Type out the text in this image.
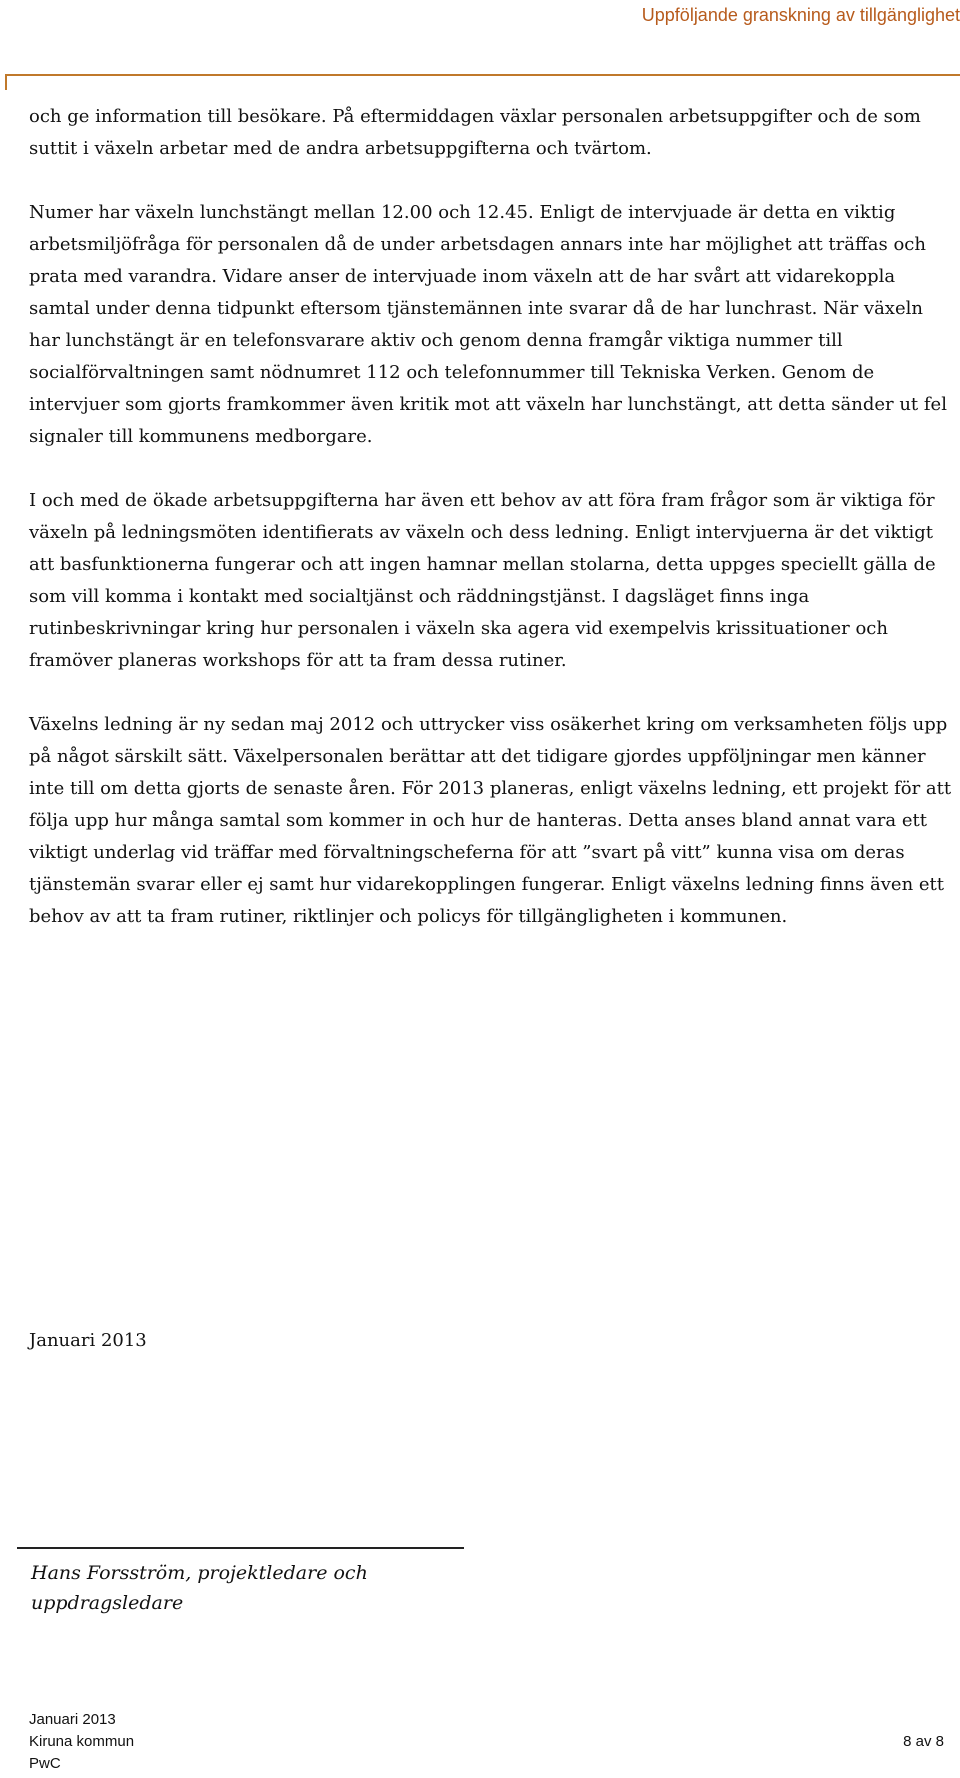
Uppföljande granskning av tillgänglighet

och ge information till besökare. På eftermiddagen växlar personalen arbetsuppgifter och de som suttit i växeln arbetar med de andra arbetsuppgifterna och tvärtom.

Numer har växeln lunchstängt mellan 12.00 och 12.45. Enligt de intervjuade är detta en viktig arbetsmiljöfråga för personalen då de under arbetsdagen annars inte har möjlighet att träffas och prata med varandra. Vidare anser de intervjuade inom växeln att de har svårt att vidarekoppla samtal under denna tidpunkt eftersom tjänstemännen inte svarar då de har lunchrast. När växeln har lunchstängt är en telefonsvarare aktiv och genom denna framgår viktiga nummer till socialförvaltningen samt nödnumret 112 och telefonnummer till Tekniska Verken. Genom de intervjuer som gjorts framkommer även kritik mot att växeln har lunchstängt, att detta sänder ut fel signaler till kommunens medborgare.

I och med de ökade arbetsuppgifterna har även ett behov av att föra fram frågor som är viktiga för växeln på ledningsmöten identifierats av växeln och dess ledning. Enligt intervjuerna är det viktigt att basfunktionerna fungerar och att ingen hamnar mellan stolarna, detta uppges speciellt gälla de som vill komma i kontakt med socialtjänst och räddningstjänst. I dagsläget finns inga rutinbeskrivningar kring hur personalen i växeln ska agera vid exempelvis krissituationer och framöver planeras workshops för att ta fram dessa rutiner.

Växelns ledning är ny sedan maj 2012 och uttrycker viss osäkerhet kring om verksamheten följs upp på något särskilt sätt. Växelpersonalen berättar att det tidigare gjordes uppföljningar men känner inte till om detta gjorts de senaste åren. För 2013 planeras, enligt växelns ledning, ett projekt för att följa upp hur många samtal som kommer in och hur de hanteras. Detta anses bland annat vara ett viktigt underlag vid träffar med förvaltningscheferna för att ”svart på vitt” kunna visa om deras tjänstemän svarar eller ej samt hur vidarekopplingen fungerar. Enligt växelns ledning finns även ett behov av att ta fram rutiner, riktlinjer och policys för tillgängligheten i kommunen.

Januari 2013
Hans Forsström, projektledare och uppdragsledare
Januari 2013
Kiruna kommun
PwC
8 av 8
